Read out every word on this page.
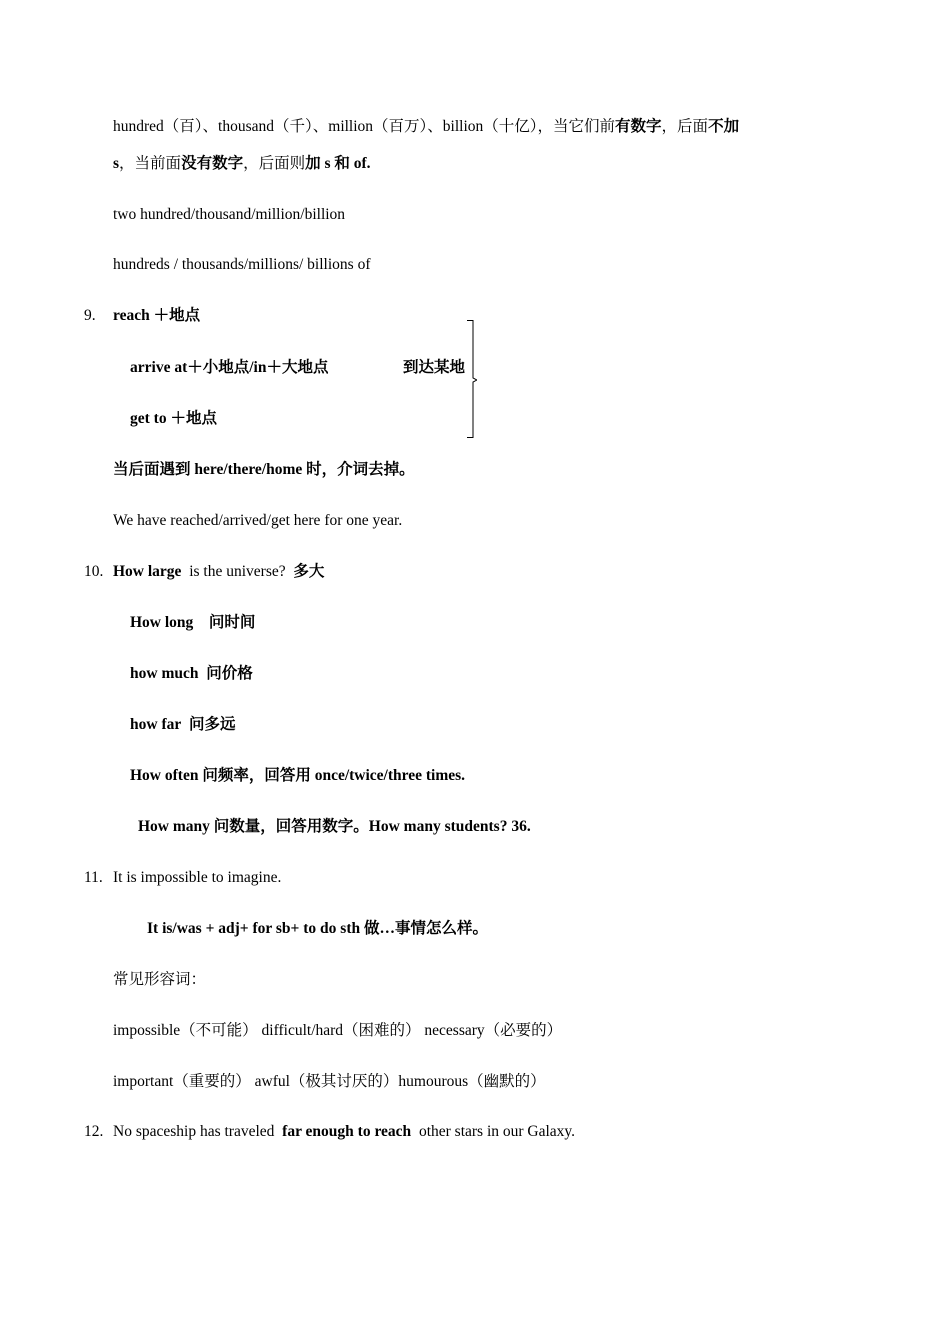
hundred（百）、thousand（千）、million（百万）、billion（十亿），当它们前有数字，后面不加
s，当前面没有数字，后面则加 s 和 of.
two hundred/thousand/million/billion
hundreds / thousands/millions/ billions of
9. reach ＋地点
arrive at＋小地点/in＋大地点	到达某地
get to ＋地点
当后面遇到 here/there/home 时，介词去掉。
We have reached/arrived/get here for one year.
10. How large is the universe? 多大
How long 问时间
how much 问价格
how far 问多远
How often 问频率，回答用 once/twice/three times.
How many 问数量，回答用数字。How many students? 36.
11. It is impossible to imagine.
It is/was + adj+ for sb+ to do sth 做…事情怎么样。
常见形容词：
impossible（不可能） difficult/hard（困难的） necessary（必要的）
important（重要的） awful（极其讨厌的）humourous（幽默的）
12. No spaceship has traveled far enough to reach other stars in our Galaxy.
